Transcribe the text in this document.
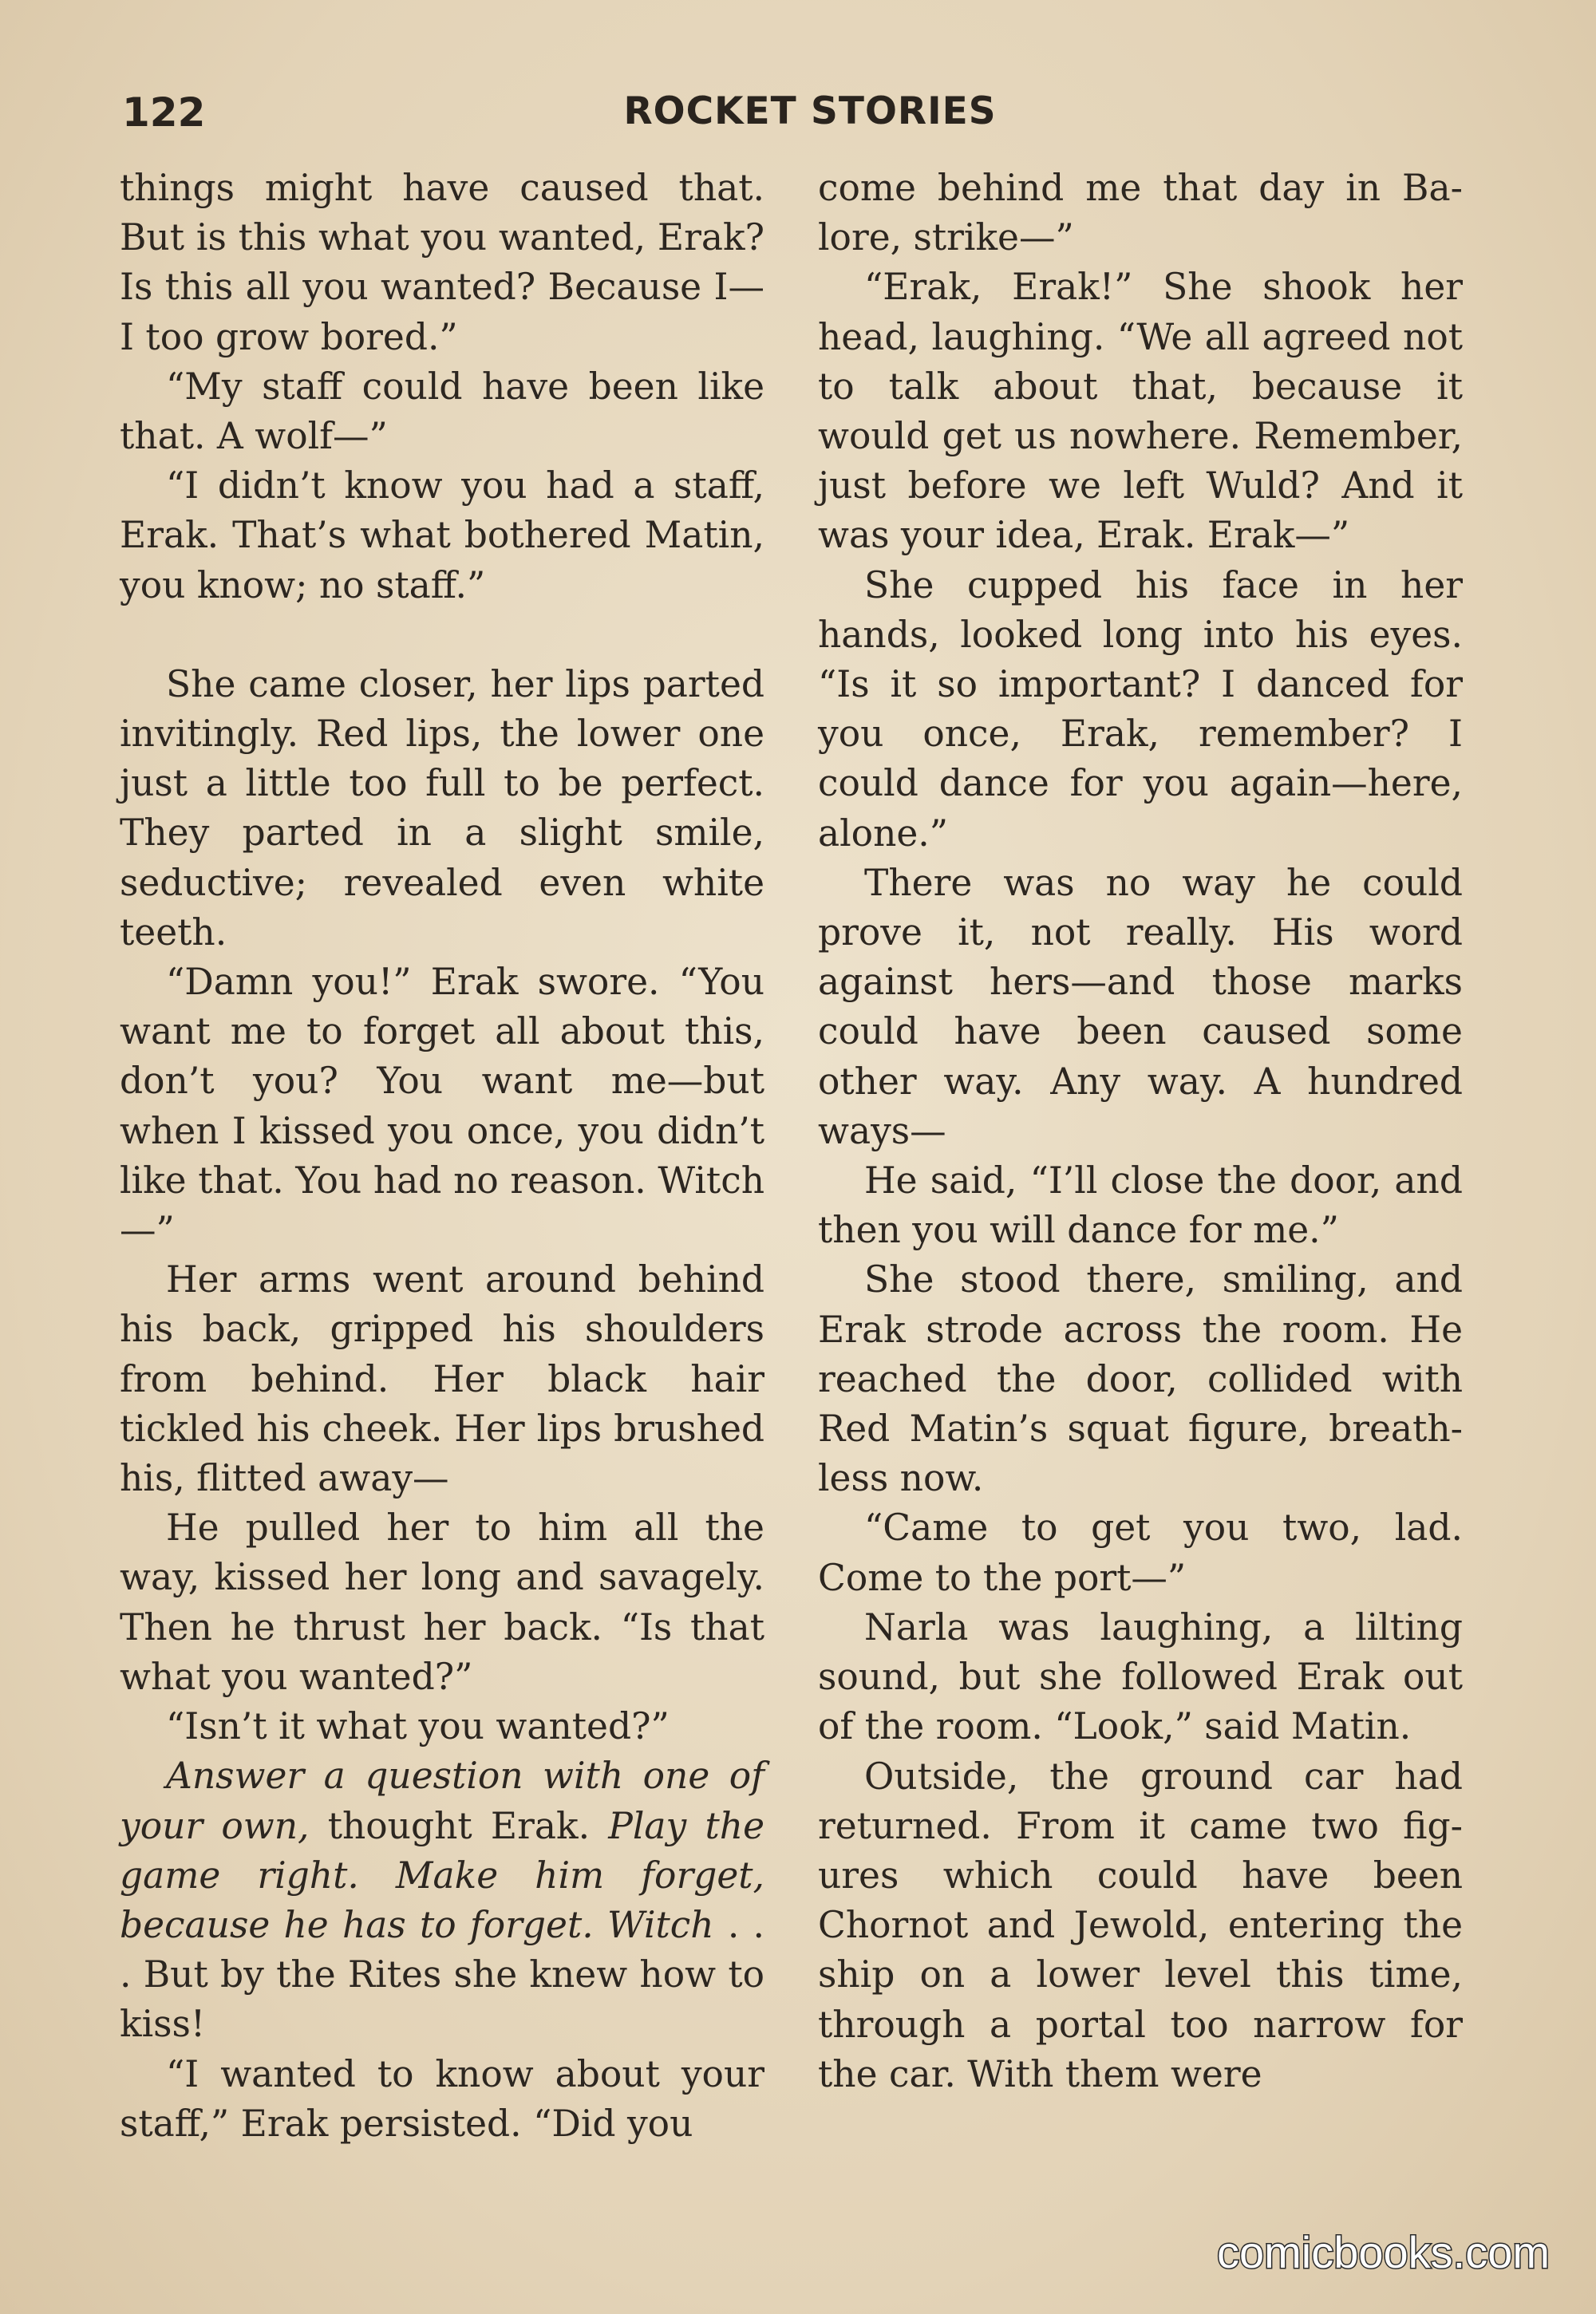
122	ROCKET STORIES

things might have caused that. But is this what you wanted, Erak? Is this all you wanted? Because I—I too grow bored.”

“My staff could have been like that. A wolf—”

“I didn’t know you had a staff, Erak. That’s what bothered Matin, you know; no staff.”

She came closer, her lips parted invitingly. Red lips, the lower one just a little too full to be perfect. They parted in a slight smile, seductive; revealed even white teeth.

“Damn you!” Erak swore. “You want me to forget all about this, don’t you? You want me—but when I kissed you once, you didn’t like that. You had no reason. Witch—”

Her arms went around behind his back, gripped his shoulders from behind. Her black hair tickled his cheek. Her lips brushed his, flitted away—

He pulled her to him all the way, kissed her long and savagely. Then he thrust her back. “Is that what you wanted?”

“Isn’t it what you wanted?”

Answer a question with one of your own, thought Erak. Play the game right. Make him forget, because he has to forget. Witch . . . But by the Rites she knew how to kiss!

“I wanted to know about your staff,” Erak persisted. “Did you

come behind me that day in Balore, strike—”

“Erak, Erak!” She shook her head, laughing. “We all agreed not to talk about that, because it would get us nowhere. Remember, just before we left Wuld? And it was your idea, Erak. Erak—”

She cupped his face in her hands, looked long into his eyes. “Is it so important? I danced for you once, Erak, remember? I could dance for you again—here, alone.”

There was no way he could prove it, not really. His word against hers—and those marks could have been caused some other way. Any way. A hundred ways—

He said, “I’ll close the door, and then you will dance for me.”

She stood there, smiling, and Erak strode across the room. He reached the door, collided with Red Matin’s squat figure, breathless now.

“Came to get you two, lad. Come to the port—”

Narla was laughing, a lilting sound, but she followed Erak out of the room. “Look,” said Matin.

Outside, the ground car had returned. From it came two figures which could have been Chornot and Jewold, entering the ship on a lower level this time, through a portal too narrow for the car. With them were

comicbooks.com
